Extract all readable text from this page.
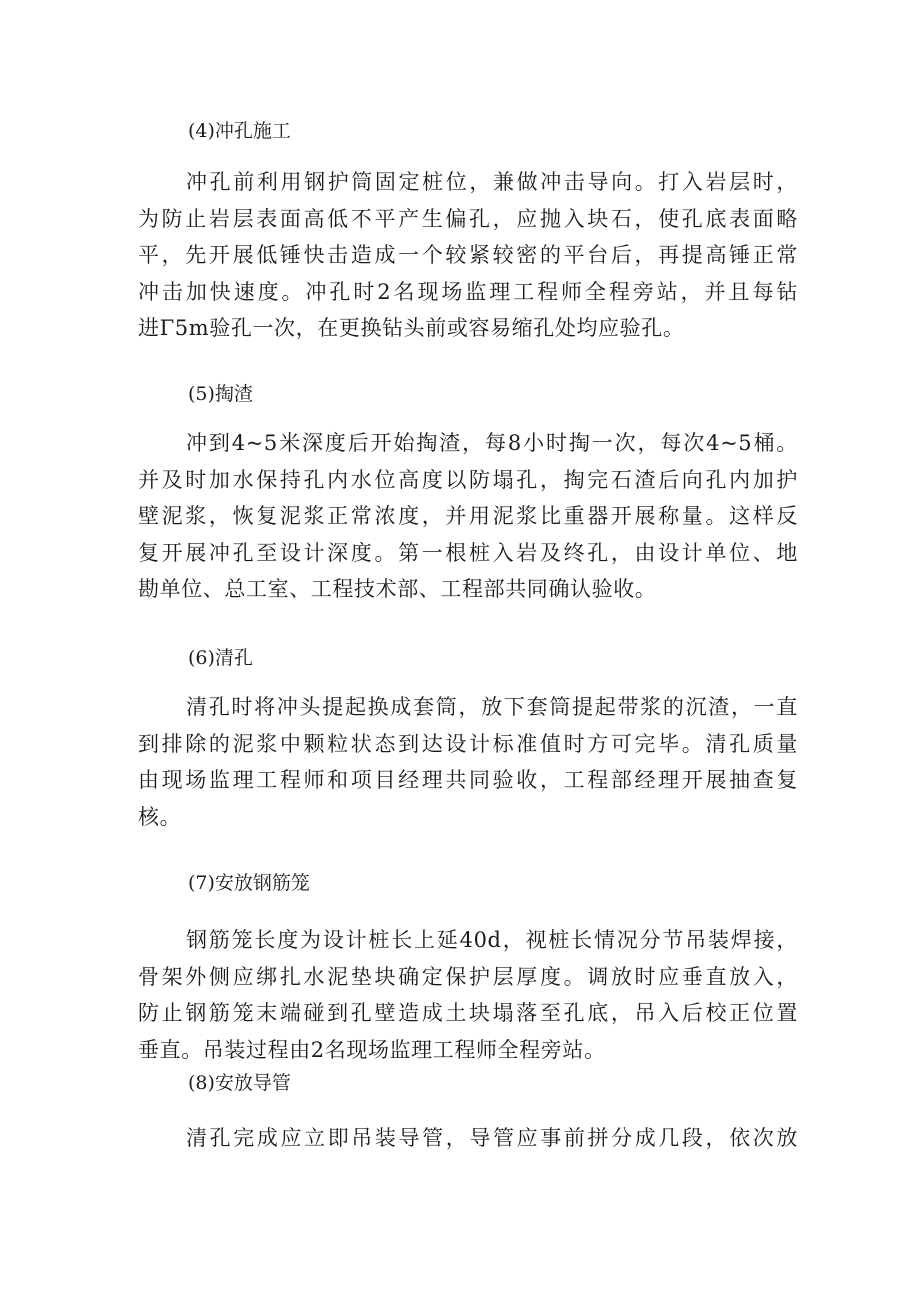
(4)冲孔施工
冲孔前利用钢护筒固定桩位，兼做冲击导向。打入岩层时，
为防止岩层表面高低不平产生偏孔，应抛入块石，使孔底表面略
平，先开展低锤快击造成一个较紧较密的平台后，再提高锤正常
冲击加快速度。冲孔时2名现场监理工程师全程旁站，并且每钻
进Γ5m验孔一次，在更换钻头前或容易缩孔处均应验孔。
(5)掏渣
冲到4~5米深度后开始掏渣，每8小时掏一次，每次4~5桶。
并及时加水保持孔内水位高度以防塌孔，掏完石渣后向孔内加护
壁泥浆，恢复泥浆正常浓度，并用泥浆比重器开展称量。这样反
复开展冲孔至设计深度。第一根桩入岩及终孔，由设计单位、地
勘单位、总工室、工程技术部、工程部共同确认验收。
(6)清孔
清孔时将冲头提起换成套筒，放下套筒提起带浆的沉渣，一直
到排除的泥浆中颗粒状态到达设计标准值时方可完毕。清孔质量
由现场监理工程师和项目经理共同验收，工程部经理开展抽查复
核。
(7)安放钢筋笼
钢筋笼长度为设计桩长上延40d，视桩长情况分节吊装焊接，
骨架外侧应绑扎水泥垫块确定保护层厚度。调放时应垂直放入，
防止钢筋笼末端碰到孔壁造成土块塌落至孔底，吊入后校正位置
垂直。吊装过程由2名现场监理工程师全程旁站。
(8)安放导管
清孔完成应立即吊装导管，导管应事前拼分成几段，依次放
